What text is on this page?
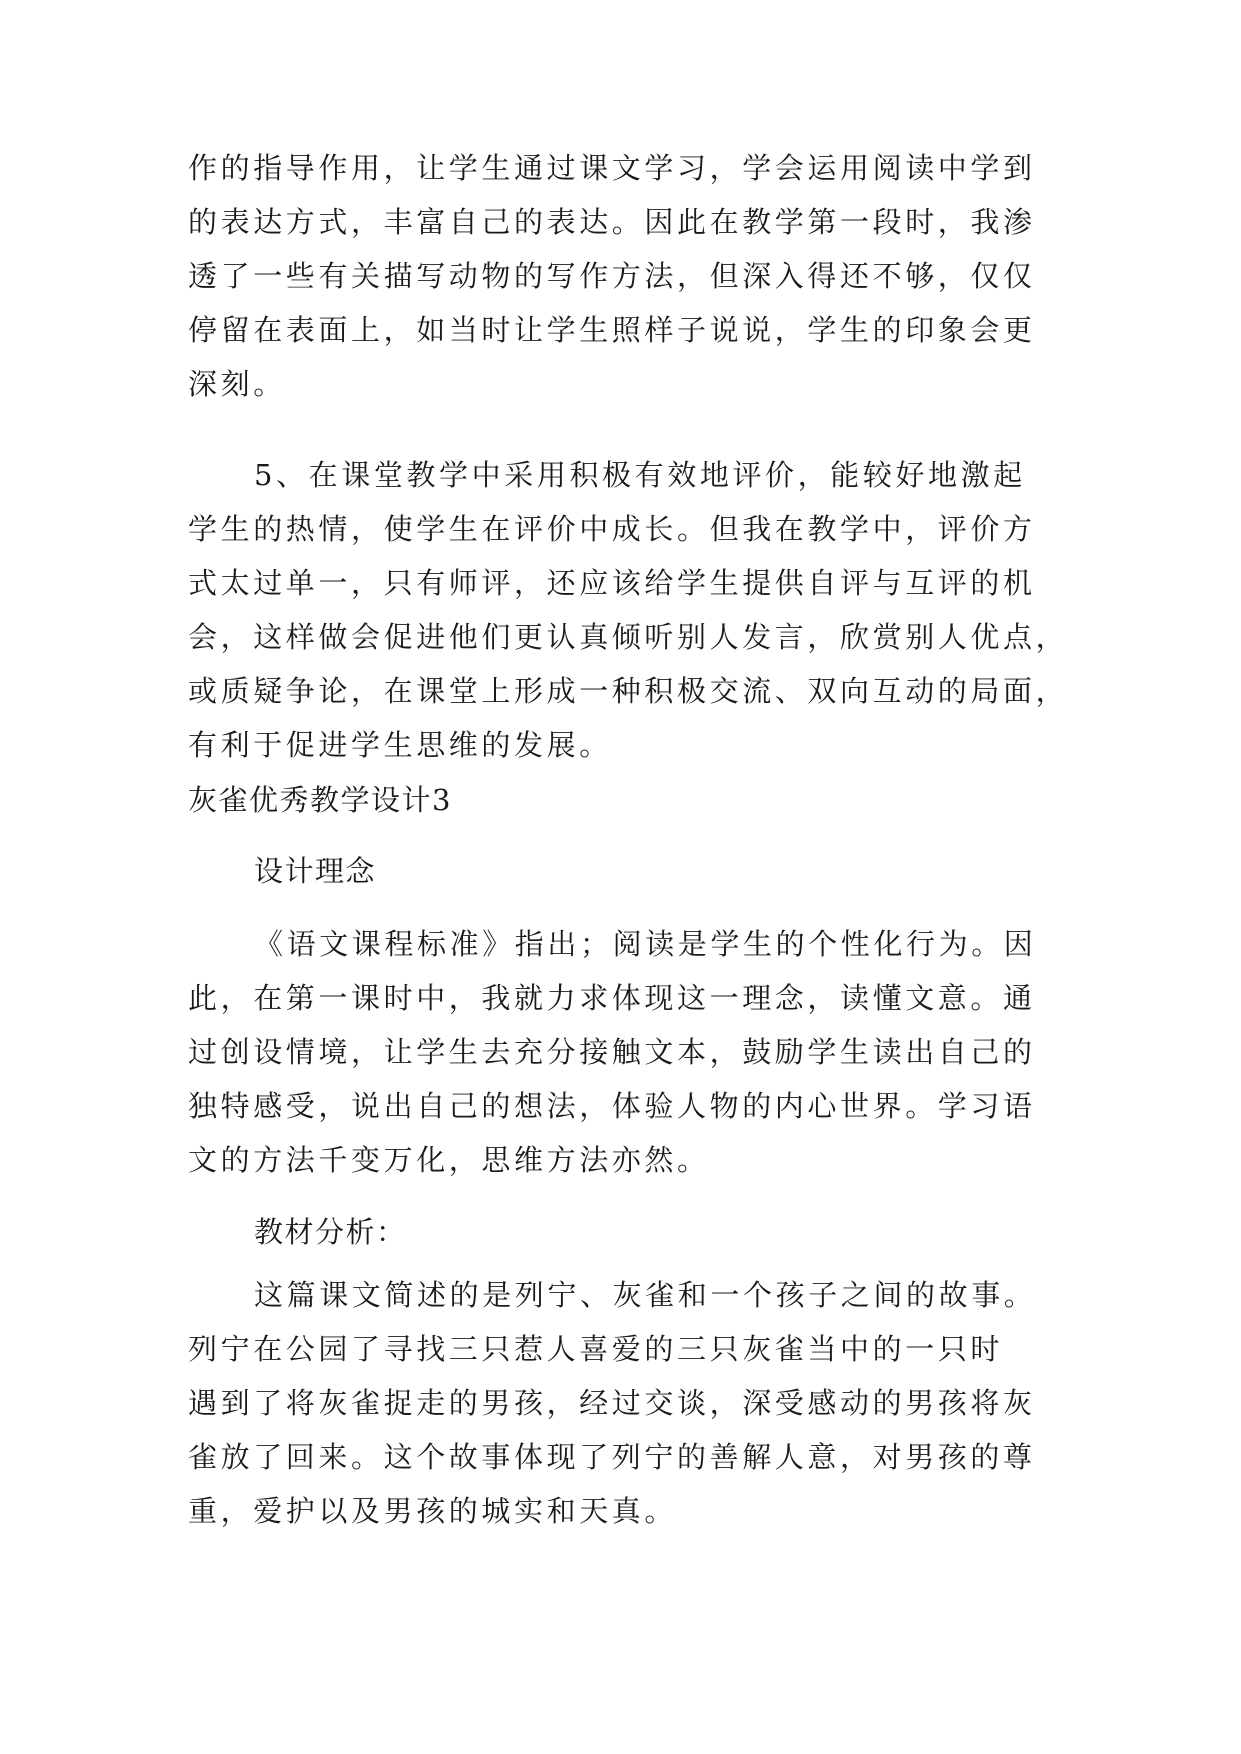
作的指导作用，让学生通过课文学习，学会运用阅读中学到
的表达方式，丰富自己的表达。因此在教学第一段时，我渗
透了一些有关描写动物的写作方法，但深入得还不够，仅仅
停留在表面上，如当时让学生照样子说说，学生的印象会更
深刻。
5、在课堂教学中采用积极有效地评价，能较好地激起
学生的热情，使学生在评价中成长。但我在教学中，评价方
式太过单一，只有师评，还应该给学生提供自评与互评的机
会，这样做会促进他们更认真倾听别人发言，欣赏别人优点，
或质疑争论，在课堂上形成一种积极交流、双向互动的局面，
有利于促进学生思维的发展。
灰雀优秀教学设计3
设计理念
《语文课程标准》指出；阅读是学生的个性化行为。因
此，在第一课时中，我就力求体现这一理念，读懂文意。通
过创设情境，让学生去充分接触文本，鼓励学生读出自己的
独特感受，说出自己的想法，体验人物的内心世界。学习语
文的方法千变万化，思维方法亦然。
教材分析：
这篇课文简述的是列宁、灰雀和一个孩子之间的故事。
列宁在公园了寻找三只惹人喜爱的三只灰雀当中的一只时
遇到了将灰雀捉走的男孩，经过交谈，深受感动的男孩将灰
雀放了回来。这个故事体现了列宁的善解人意，对男孩的尊
重，爱护以及男孩的城实和天真。
